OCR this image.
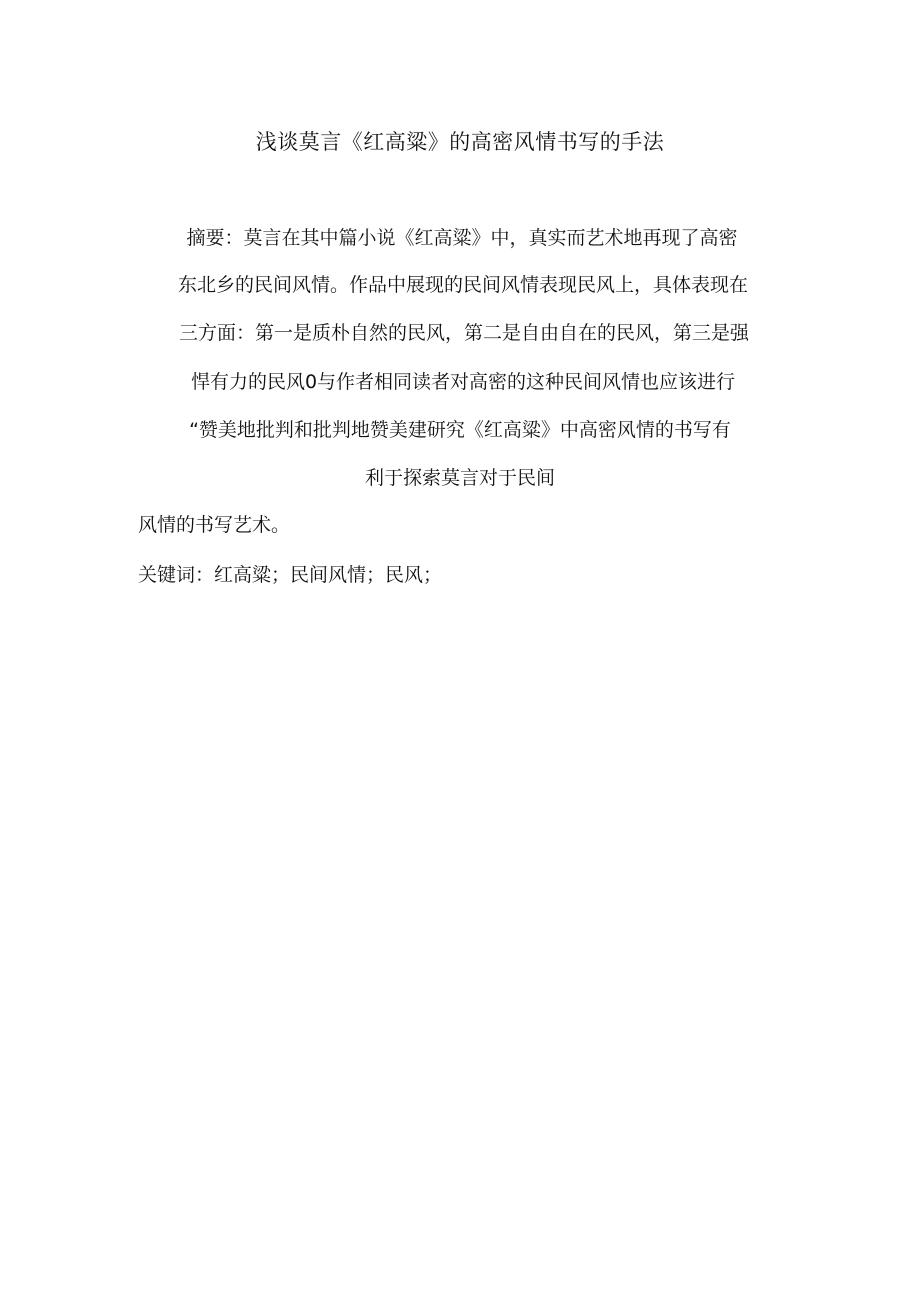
浅谈莫言《红高粱》的高密风情书写的手法
摘要：莫言在其中篇小说《红高粱》中，真实而艺术地再现了高密
东北乡的民间风情。作品中展现的民间风情表现民风上，具体表现在
三方面：第一是质朴自然的民风，第二是自由自在的民风，第三是强
悍有力的民风0与作者相同读者对高密的这种民间风情也应该进行
“赞美地批判和批判地赞美建研究《红高粱》中高密风情的书写有
利于探索莫言对于民间
风情的书写艺术。
关键词：红高粱；民间风情；民风；
